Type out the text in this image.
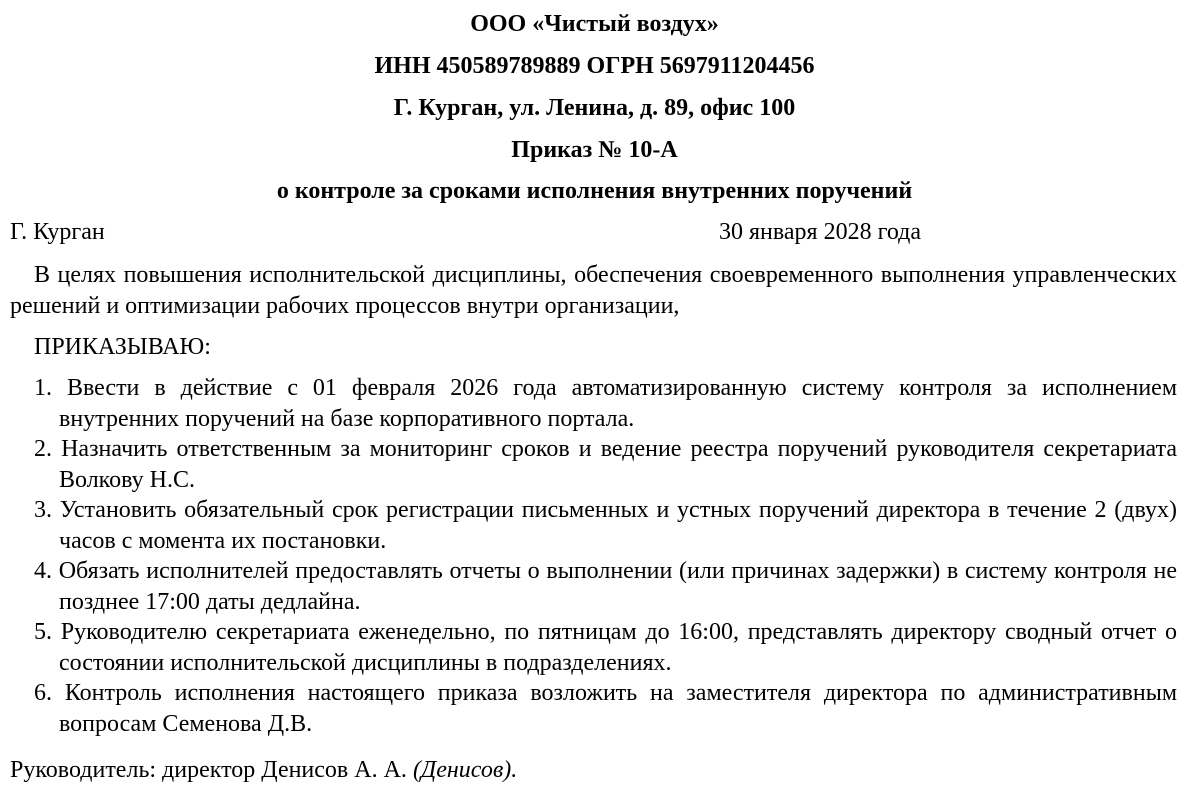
ООО «Чистый воздух»
ИНН 450589789889 ОГРН 5697911204456
Г. Курган, ул. Ленина, д. 89, офис 100
Приказ № 10-А
о контроле за сроками исполнения внутренних поручений
Г. Курган	30 января 2028 года
В целях повышения исполнительской дисциплины, обеспечения своевременного выполнения управленческих решений и оптимизации рабочих процессов внутри организации,
ПРИКАЗЫВАЮ:
1. Ввести в действие с 01 февраля 2026 года автоматизированную систему контроля за исполнением внутренних поручений на базе корпоративного портала.
2. Назначить ответственным за мониторинг сроков и ведение реестра поручений руководителя секретариата Волкову Н.С.
3. Установить обязательный срок регистрации письменных и устных поручений директора в течение 2 (двух) часов с момента их постановки.
4. Обязать исполнителей предоставлять отчеты о выполнении (или причинах задержки) в систему контроля не позднее 17:00 даты дедлайна.
5. Руководителю секретариата еженедельно, по пятницам до 16:00, представлять директору сводный отчет о состоянии исполнительской дисциплины в подразделениях.
6. Контроль исполнения настоящего приказа возложить на заместителя директора по административным вопросам Семенова Д.В.
Руководитель: директор Денисов А. А. (Денисов).
